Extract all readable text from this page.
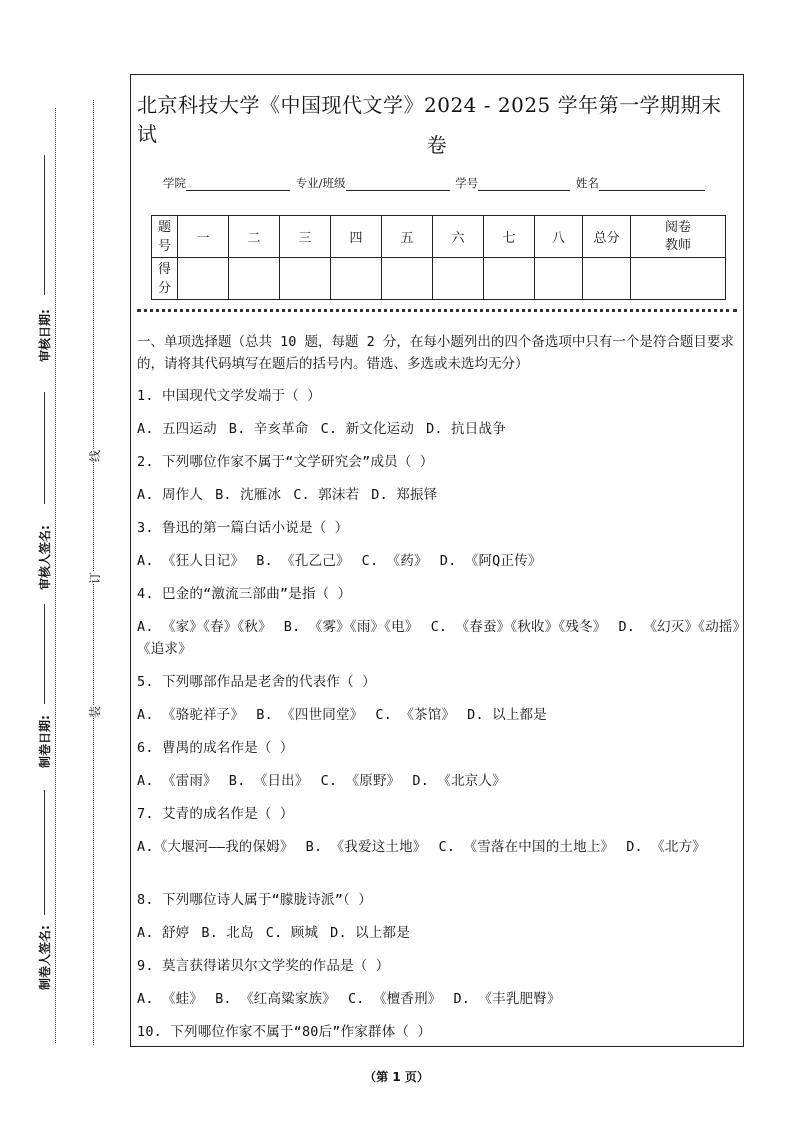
审核日期:
审核人签名:
制卷日期:
制卷人签名:
线
订
装
北京科技大学《中国现代文学》2024 - 2025 学年第一学期期末试	卷
学院	专业/班级	学号	姓名
题号	一	二	三	四	五	六	七	八	总分	阅卷教师
得分										
一、单项选择题（总共 10 题，每题 2 分，在每小题列出的四个备选项中只有一个是符合题目要求的，请将其代码填写在题后的括号内。错选、多选或未选均无分）
1. 中国现代文学发端于（ ）
A. 五四运动 B. 辛亥革命 C. 新文化运动 D. 抗日战争
2. 下列哪位作家不属于“文学研究会”成员（ ）
A. 周作人 B. 沈雁冰 C. 郭沫若 D. 郑振铎
3. 鲁迅的第一篇白话小说是（ ）
A. 《狂人日记》 B. 《孔乙己》 C. 《药》 D. 《阿Q正传》
4. 巴金的“激流三部曲”是指（ ）
A. 《家》《春》《秋》 B. 《雾》《雨》《电》 C. 《春蚕》《秋收》《残冬》 D. 《幻灭》《动摇》《追求》
5. 下列哪部作品是老舍的代表作（ ）
A. 《骆驼祥子》 B. 《四世同堂》 C. 《茶馆》 D. 以上都是
6. 曹禺的成名作是（ ）
A. 《雷雨》 B. 《日出》 C. 《原野》 D. 《北京人》
7. 艾青的成名作是（ ）
A.《大堰河——我的保姆》 B. 《我爱这土地》 C. 《雪落在中国的土地上》 D. 《北方》
8. 下列哪位诗人属于“朦胧诗派”（ ）
A. 舒婷 B. 北岛 C. 顾城 D. 以上都是
9. 莫言获得诺贝尔文学奖的作品是（ ）
A. 《蛙》 B. 《红高粱家族》 C. 《檀香刑》 D. 《丰乳肥臀》
10. 下列哪位作家不属于“80后”作家群体（ ）
（第 1 页）
